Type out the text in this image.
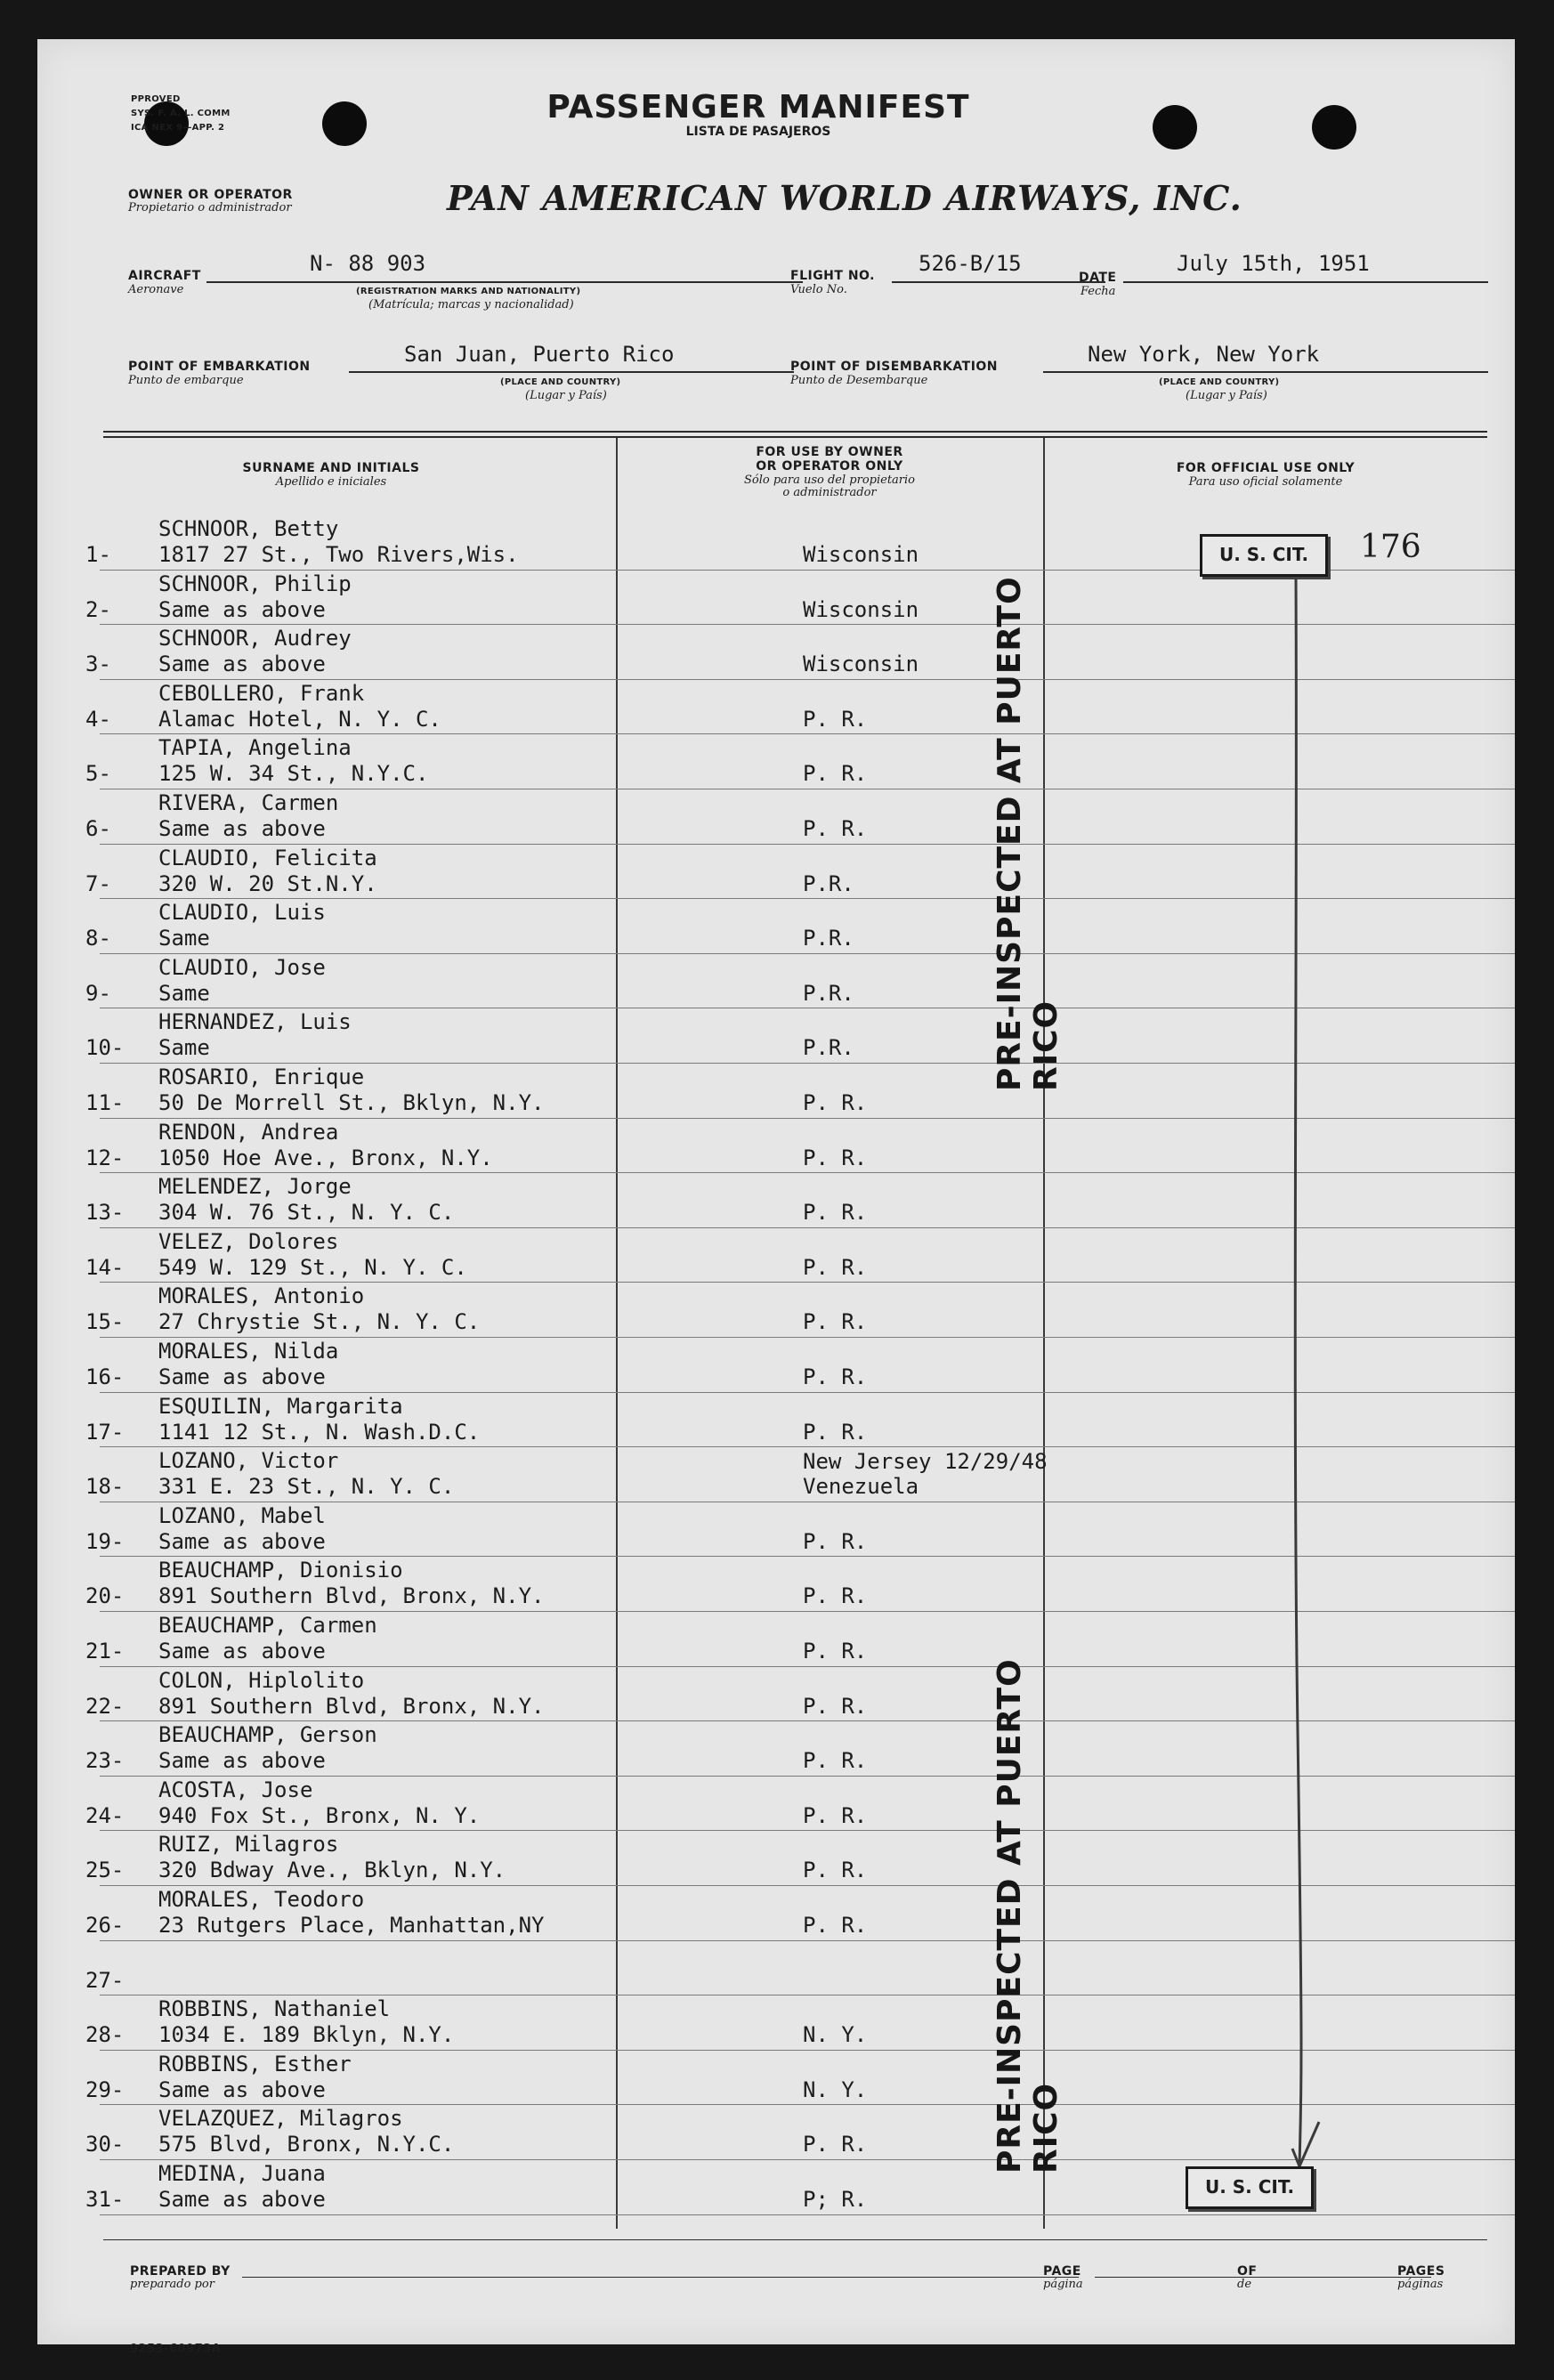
PPROVED
SYS. F. A. L. COMM
ICA NEX 9—APP. 2
PASSENGER MANIFEST
LISTA DE PASAJEROS
OWNER OR OPERATOR
Propietario o administrador	PAN AMERICAN WORLD AIRWAYS, INC.
AIRCRAFT
Aeronave
N- 88 903
(REGISTRATION MARKS AND NATIONALITY)
(Matrícula; marcas y nacionalidad)
FLIGHT NO.
Vuelo No.
526-B/15
DATE
Fecha
July 15th, 1951
POINT OF EMBARKATION
Punto de embarque
San Juan, Puerto Rico
(PLACE AND COUNTRY)
(Lugar y País)
POINT OF DISEMBARKATION
Punto de Desembarque
New York, New York
(PLACE AND COUNTRY)
(Lugar y País)
SURNAME AND INITIALS
Apellido e iniciales
FOR USE BY OWNER
OR OPERATOR ONLY
Sólo para uso del propietario
o administrador
FOR OFFICIAL USE ONLY
Para uso oficial solamente
1-
SCHNOOR, Betty
1817 27 St., Two Rivers,Wis.	Wisconsin
2-
SCHNOOR, Philip
Same as above	Wisconsin
3-
SCHNOOR, Audrey
Same as above	Wisconsin
4-
CEBOLLERO, Frank
Alamac Hotel, N. Y. C.	P. R.
5-
TAPIA, Angelina
125 W. 34 St., N.Y.C.	P. R.
6-
RIVERA, Carmen
Same as above	P. R.
7-
CLAUDIO, Felicita
320 W. 20 St.N.Y.	P.R.
8-
CLAUDIO, Luis
Same	P.R.
9-
CLAUDIO, Jose
Same	P.R.
10-
HERNANDEZ, Luis
Same	P.R.
11-
ROSARIO, Enrique
50 De Morrell St., Bklyn, N.Y.	P. R.
12-
RENDON, Andrea
1050 Hoe Ave., Bronx, N.Y.	P. R.
13-
MELENDEZ, Jorge
304 W. 76 St., N. Y. C.	P. R.
14-
VELEZ, Dolores
549 W. 129 St., N. Y. C.	P. R.
15-
MORALES, Antonio
27 Chrystie St., N. Y. C.	P. R.
16-
MORALES, Nilda
Same as above	P. R.
17-
ESQUILIN, Margarita
1141 12 St., N. Wash.D.C.	P. R.
18-
LOZANO, Victor
331 E. 23 St., N. Y. C.
New Jersey 12/29/48
Venezuela
19-
LOZANO, Mabel
Same as above	P. R.
20-
BEAUCHAMP, Dionisio
891 Southern Blvd, Bronx, N.Y.	P. R.
21-
BEAUCHAMP, Carmen
Same as above	P. R.
22-
COLON, Hiplolito
891 Southern Blvd, Bronx, N.Y.	P. R.
23-
BEAUCHAMP, Gerson
Same as above	P. R.
24-
ACOSTA, Jose
940 Fox St., Bronx, N. Y.	P. R.
25-
RUIZ, Milagros
320 Bdway Ave., Bklyn, N.Y.	P. R.
26-
MORALES, Teodoro
23 Rutgers Place, Manhattan,NY	P. R.
27-
28-
ROBBINS, Nathaniel
1034 E. 189 Bklyn, N.Y.	N. Y.
29-
ROBBINS, Esther
Same as above	N. Y.
30-
VELAZQUEZ, Milagros
575 Blvd, Bronx, N.Y.C.	P. R.
31-
MEDINA, Juana
Same as above	P; R.
PRE-INSPECTED AT PUERTO RICO
PRE-INSPECTED AT PUERTO RICO
U. S. CIT.	176
U. S. CIT.
PREPARED BY
preparado por
PAGE
página
OF
de
PAGES
páginas
9253-60973A
